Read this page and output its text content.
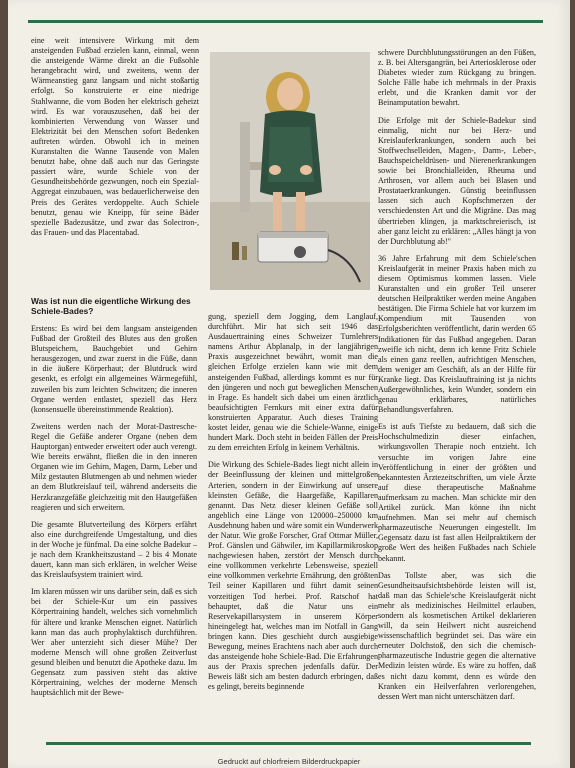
eine weit intensivere Wirkung mit dem ansteigenden Fußbad erzielen kann, einmal, wenn die ansteigende Wärme direkt an die Fußsohle herangebracht wird, und zweitens, wenn der Wärmeanstieg ganz langsam und nicht stoßartig erfolgt. So konstruierte er eine niedrige Stahlwanne, die vom Boden her elektrisch geheizt wird. Es war vorauszusehen, daß bei der kombinierten Verwendung von Wasser und Elektrizität bei den Menschen sofort Bedenken auftreten würden. Obwohl ich in meinen Kuranstalten die Wanne Tausende von Malen benutzt habe, ohne daß auch nur das Geringste passiert wäre, wurde Schiele von der Gesundheitsbehörde gezwungen, noch ein Spezial-Aggregat einzubauen, was bedauerlicherweise den Preis des Gerätes verdoppelte. Auch Schiele benutzt, genau wie Kneipp, für seine Bäder spezielle Badezusätze, und zwar das Solectron-, das Frauen- und das Placentabad.

Was ist nun die eigentliche Wirkung des Schiele-Bades?

Erstens: Es wird bei dem langsam ansteigenden Fußbad der Großteil des Blutes aus den großen Blutspeichern, Bauchgebiet und Gehirn herausgezogen, und zwar zuerst in die Füße, dann in die äußere Körperhaut; der Blutdruck wird gesenkt, es erfolgt ein allgemeines Wärmegefühl, zuweilen bis zum leichten Schwitzen; die inneren Organe werden entlastet, speziell das Herz (konsensuelle übereinstimmende Reaktion).

Zweitens werden nach der Morat-Dastresche-Regel die Gefäße anderer Organe (neben dem Hauptorgan) entweder erweitert oder auch verengt. Wie bereits erwähnt, fließen die in den inneren Organen wie im Gehirn, Magen, Darm, Leber und Milz gestauten Blutmengen ab und nehmen wieder an dem Blutkreislauf teil, während anderseits die Herzkranzgefäße gleichzeitig mit den Hautgefäßen reagieren und sich erweitern.

Die gesamte Blutverteilung des Körpers erfährt also eine durchgreifende Umgestaltung, und dies in der Woche je fünfmal. Da eine solche Badekur – je nach dem Krankheitszustand – 2 bis 4 Monate dauert, kann man sich erklären, in welcher Weise das Kreislaufsystem trainiert wird.

Im klaren müssen wir uns darüber sein, daß es sich bei der Schiele-Kur um ein passives Körpertraining handelt, welches sich vornehmlich für ältere und kranke Menschen eignet. Natürlich kann man das auch prophylaktisch durchführen. Wer aber unterzieht sich dieser Mühe? Der moderne Mensch will ohne großen Zeitverlust gesund bleiben und benutzt die Apotheke dazu. Im Gegensatz zum passiven steht das aktive Körpertraining, welches der moderne Mensch hauptsächlich mit der Bewe-

gung, speziell dem Jogging, dem Langlauf, durchführt. Mir hat sich seit 1946 das Ausdauertraining eines Schweizer Turnlehrers namens Arthur Abplanalp, in der langjährigen Praxis ausgezeichnet bewährt, womit man die gleichen Erfolge erzielen kann wie mit dem ansteigenden Fußbad, allerdings kommt es nur für den jüngeren und noch gut beweglichen Menschen in Frage. Es handelt sich dabei um einen ärztlich beaufsichtigten Fernkurs mit einer extra dafür konstruierten Apparatur. Auch dieses Training kostet leider, genau wie die Schiele-Wanne, einige hundert Mark. Doch steht in beiden Fällen der Preis zu dem erreichten Erfolg in keinem Verhältnis.

Die Wirkung des Schiele-Bades liegt nicht allein in der Beeinflussung der kleinen und mittelgroßen Arterien, sondern in der Einwirkung auf unsere kleinsten Gefäße, die Haargefäße, Kapillaren genannt. Das Netz dieser kleinen Gefäße soll angeblich eine Länge von 120000–250000 km Ausdehnung haben und wäre somit ein Wunderwerk der Natur. Wie große Forscher, Graf Ottmar Müller, Prof. Gänslen und Gähwiler, im Kapillarmikroskop nachgewiesen haben, zerstört der Mensch durch eine vollkommen verkehrte Lebensweise, speziell eine vollkommen verkehrte Ernährung, den größten Teil seiner Kapillaren und führt damit seinen vorzeitigen Tod herbei. Prof. Ratschof hat behauptet, daß die Natur uns ein Reservekapillarsystem in unserem Körper hineingelegt hat, welches man im Notfall in Gang bringen kann. Dies geschieht durch ausgiebige Bewegung, meines Erachtens nach aber auch durch das ansteigende hohe Schiele-Bad. Die Erfahrungen aus der Praxis sprechen jedenfalls dafür. Der Beweis läßt sich am besten dadurch erbringen, daß es gelingt, bereits beginnende

schwere Durchblutungsstörungen an den Füßen, z. B. bei Altersgangrän, bei Arteriosklerose oder Diabetes wieder zum Rückgang zu bringen. Solche Fälle habe ich mehrmals in der Praxis erlebt, und die Kranken damit vor der Beinamputation bewahrt.

Die Erfolge mit der Schiele-Badekur sind einmalig, nicht nur bei Herz- und Kreislauferkrankungen, sondern auch bei Stoffwechselleiden, Magen-, Darm-, Leber-, Bauchspeicheldrüsen- und Nierenerkrankungen sowie bei Bronchialleiden, Rheuma und Arthrosen, vor allem auch bei Blasen und Prostataerkrankungen. Günstig beeinflussen lassen sich auch Kopfschmerzen der verschiedensten Art und die Migräne. Das mag übertrieben klingen, ja marktschreierisch, ist aber ganz leicht zu erklären: „Alles hängt ja von der Durchblutung ab!"

36 Jahre Erfahrung mit dem Schiele'schen Kreislaufgerät in meiner Praxis haben mich zu diesem Optimismus kommen lassen. Viele Kuranstalten und ein großer Teil unserer deutschen Heilpraktiker werden meine Angaben bestätigen. Die Firma Schiele hat vor kurzem im Kompendium mit Tausenden von Erfolgsberichten veröffentlicht, darin werden 65 Indikationen für das Fußbad angegeben. Daran zweifle ich nicht, denn ich kenne Fritz Schiele als einen ganz reellen, aufrichtigen Menschen, dem weniger am Geschäft, als an der Hilfe für Kranke liegt. Das Kreislauftraining ist ja nichts Außergewöhnliches, kein Wunder, sondern ein genau erklärbares, natürliches Behandlungsverfahren.

Es ist aufs Tiefste zu bedauern, daß sich die Hochschulmedizin dieser einfachen, wirkungsvollen Therapie noch entzieht. Ich versuchte im vorigen Jahre eine Veröffentlichung in einer der größten und bekanntesten Ärztezeitschriften, um viele Ärzte auf diese therapeutische Maßnahme aufmerksam zu machen. Man schickte mir den Artikel zurück. Man könne ihn nicht aufnehmen. Man sei mehr auf chemisch pharmazeutische Neuerungen eingestellt. Im Gegensatz dazu ist fast allen Heilpraktikern der große Wert des heißen Fußbades nach Schiele bekannt.

Das Tollste aber, was sich die Gesundheitsaufsichtsbehörde leisten will ist, daß man das Schiele'sche Kreislaufgerät nicht mehr als medizinisches Heilmittel erlauben, sondern als kosmetischen Artikel deklarieren will, da sein Heilwert nicht ausreichend wissenschaftlich begründet sei. Das wäre ein erneuter Dolchstoß, den sich die chemisch-pharmazeutische Industrie gegen die alternative Medizin leisten würde. Es wäre zu hoffen, daß es nicht dazu kommt, denn es würde den Kranken ein Heilverfahren verlorengehen, dessen Wert man nicht unterschätzen darf.

Gedruckt auf chlorfreiem Bilderdruckpapier
